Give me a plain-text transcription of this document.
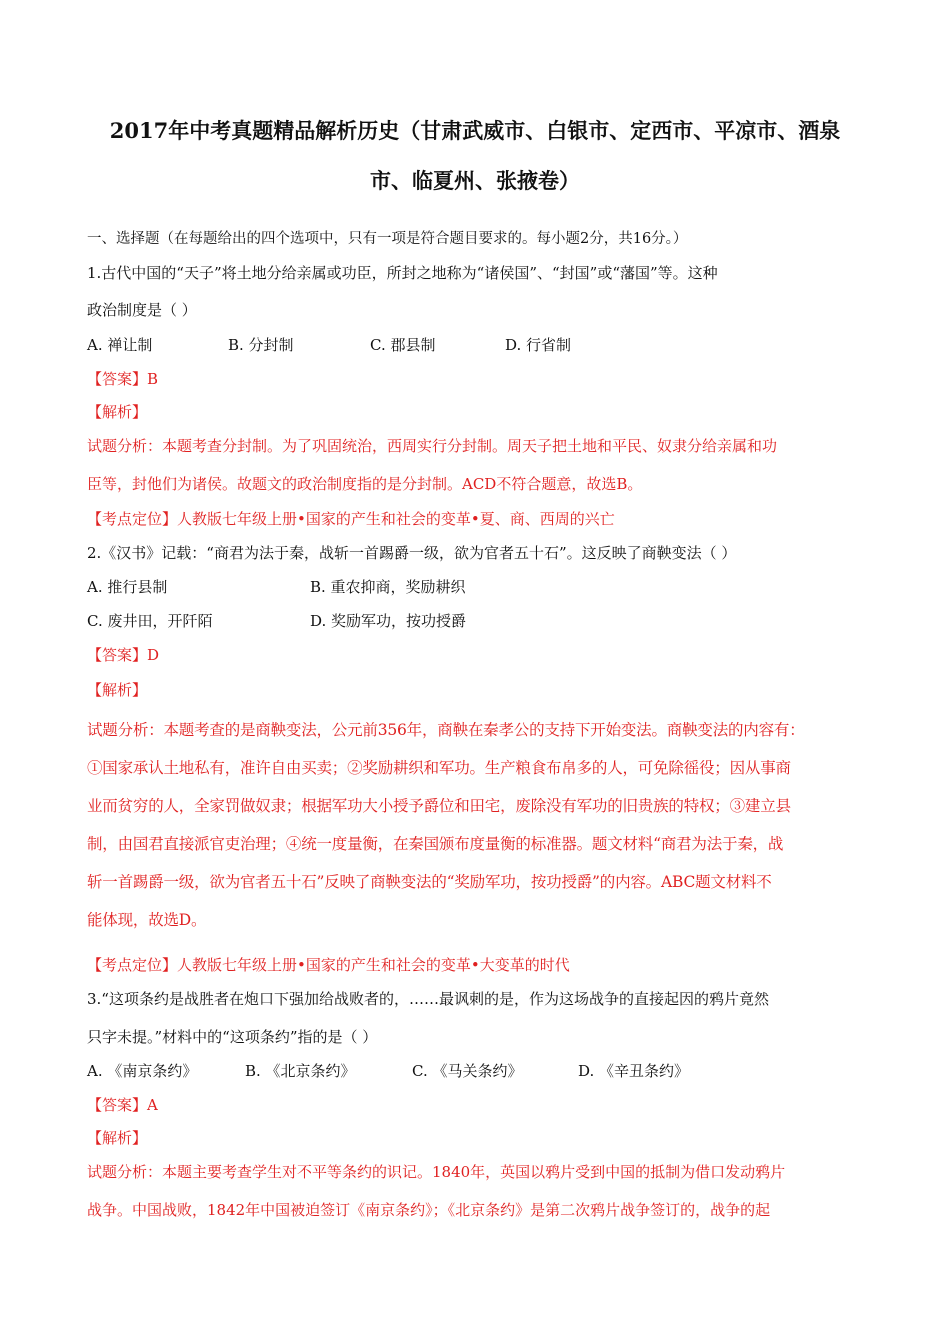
2017年中考真题精品解析历史（甘肃武威市、白银市、定西市、平凉市、酒泉
市、临夏州、张掖卷）
一、选择题（在每题给出的四个选项中，只有一项是符合题目要求的。每小题2分，共16分。）
1.古代中国的“天子”将土地分给亲属或功臣，所封之地称为“诸侯国”、“封国”或“藩国”等。这种
政治制度是（ ）
A. 禅让制	B. 分封制	C. 郡县制	D. 行省制
【答案】B
【解析】
试题分析：本题考查分封制。为了巩固统治，西周实行分封制。周天子把土地和平民、奴隶分给亲属和功
臣等，封他们为诸侯。故题文的政治制度指的是分封制。ACD不符合题意，故选B。
【考点定位】人教版七年级上册•国家的产生和社会的变革•夏、商、西周的兴亡
2.《汉书》记载：“商君为法于秦，战斩一首踢爵一级，欲为官者五十石”。这反映了商鞅变法（ ）
A. 推行县制	B. 重农抑商，奖励耕织
C. 废井田，开阡陌	D. 奖励军功，按功授爵
【答案】D
【解析】
试题分析：本题考查的是商鞅变法，公元前356年，商鞅在秦孝公的支持下开始变法。商鞅变法的内容有：
①国家承认土地私有，准许自由买卖；②奖励耕织和军功。生产粮食布帛多的人，可免除徭役；因从事商
业而贫穷的人，全家罚做奴隶；根据军功大小授予爵位和田宅，废除没有军功的旧贵族的特权；③建立县
制，由国君直接派官吏治理；④统一度量衡，在秦国颁布度量衡的标准器。题文材料“商君为法于秦，战
斩一首踢爵一级，欲为官者五十石”反映了商鞅变法的“奖励军功，按功授爵”的内容。ABC题文材料不
能体现，故选D。
【考点定位】人教版七年级上册•国家的产生和社会的变革•大变革的时代
3.“这项条约是战胜者在炮口下强加给战败者的，……最讽刺的是，作为这场战争的直接起因的鸦片竟然
只字未提。”材料中的“这项条约”指的是（ ）
A. 《南京条约》	B. 《北京条约》	C. 《马关条约》	D. 《辛丑条约》
【答案】A
【解析】
试题分析：本题主要考查学生对不平等条约的识记。1840年，英国以鸦片受到中国的抵制为借口发动鸦片
战争。中国战败，1842年中国被迫签订《南京条约》；《北京条约》是第二次鸦片战争签订的，战争的起
